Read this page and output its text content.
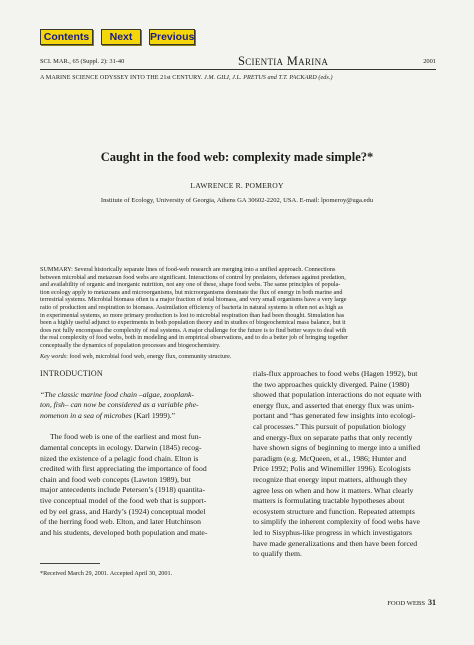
Contents	Next	Previous
SCI. MAR., 65 (Suppl. 2): 31-40	Scientia Marina	2001
A MARINE SCIENCE ODYSSEY INTO THE 21st CENTURY. J.M. GILI, J.L. PRETUS and T.T. PACKARD (eds.)
Caught in the food web: complexity made simple?*
LAWRENCE R. POMEROY
Institute of Ecology, University of Georgia, Athens GA 30602-2202, USA. E-mail: lpomeroy@uga.edu
SUMMARY: Several historically separate lines of food-web research are merging into a unified approach. Connections
between microbial and metazoan food webs are significant. Interactions of control by predators, defenses against predation,
and availability of organic and inorganic nutrition, not any one of these, shape food webs. The same principles of popula-
tion ecology apply to metazoans and microorganisms, but microorganisms dominate the flux of energy in both marine and
terrestrial systems. Microbial biomass often is a major fraction of total biomass, and very small organisms have a very large
ratio of production and respiration to biomass. Assimilation efficiency of bacteria in natural systems is often not as high as
in experimental systems, so more primary production is lost to microbial respiration than had been thought. Simulation has
been a highly useful adjunct to experiments in both population theory and in studies of biogeochemical mass balance, but it
does not fully encompass the complexity of real systems. A major challenge for the future is to find better ways to deal with
the real complexity of food webs, both in modeling and in empirical observations, and to do a better job of bringing together
conceptually the dynamics of population processes and biogeochemistry.
Key words: food web, microbial food web, energy flux, community structure.
INTRODUCTION
“The classic marine food chain –algae, zooplank-
ton, fish– can now be considered as a variable phe-
nomenon in a sea of microbes (Karl 1999).”
The food web is one of the earliest and most fun-
damental concepts in ecology. Darwin (1845) recog-
nized the existence of a pelagic food chain. Elton is
credited with first appreciating the importance of food
chain and food web concepts (Lawton 1989), but
major antecedents include Petersen’s (1918) quantita-
tive conceptual model of the food web that is support-
ed by eel grass, and Hardy’s (1924) conceptual model
of the herring food web. Elton, and later Hutchinson
and his students, developed both population and mate-
rials-flux approaches to food webs (Hagen 1992), but
the two approaches quickly diverged. Paine (1980)
showed that population interactions do not equate with
energy flux, and asserted that energy flux was unim-
portant and “has generated few insights into ecologi-
cal processes.” This pursuit of population biology
and energy-flux on separate paths that only recently
have shown signs of beginning to merge into a unified
paradigm (e.g. McQueen, et al., 1986; Hunter and
Price 1992; Polis and Winemiller 1996). Ecologists
recognize that energy input matters, although they
agree less on when and how it matters. What clearly
matters is formulating tractable hypotheses about
ecosystem structure and function. Repeated attempts
to simplify the inherent complexity of food webs have
led to Sisyphus-like progress in which investigators
have made generalizations and then have been forced
to qualify them.
*Received March 29, 2001. Accepted April 30, 2001.
FOOD WEBS 31
